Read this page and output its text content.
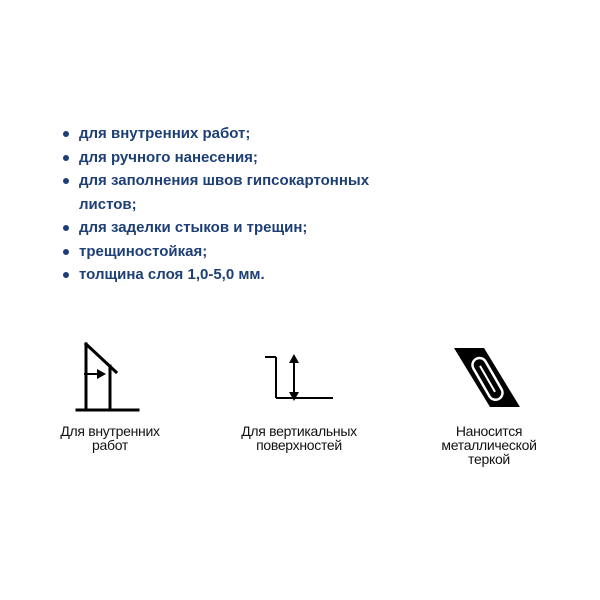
для внутренних работ;
для ручного нанесения;
для заполнения швов гипсокартонных листов;
для заделки стыков и трещин;
трещиностойкая;
толщина слоя 1,0-5,0 мм.
Для внутренних
работ
Для вертикальных
поверхностей
Наносится
металлической
теркой
